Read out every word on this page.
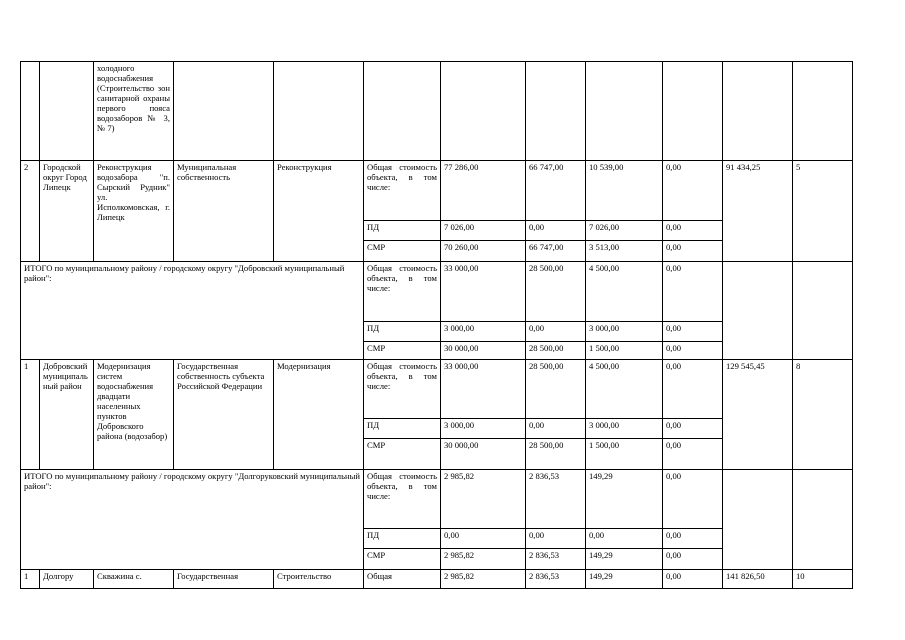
		холодного водоснабжения (Строительство зон санитарной охраны первого пояса водозаборов № 3, № 7)									
2	Городской округ Город Липецк	Реконструкция водозабора "п. Сырский Рудник" ул. Исполкомовская, г. Липецк	Муниципальная собственность	Реконструкция	Общая стоимость объекта, в том числе:	77 286,00	66 747,00	10 539,00	0,00	91 434,25	5
					ПД	7 026,00	0,00	7 026,00	0,00		
					СМР	70 260,00	66 747,00	3 513,00	0,00		
ИТОГО по муниципальному району / городскому округу "Добровский муниципальный район":					Общая стоимость объекта, в том числе:	33 000,00	28 500,00	4 500,00	0,00		
					ПД	3 000,00	0,00	3 000,00	0,00		
					СМР	30 000,00	28 500,00	1 500,00	0,00		
1	Добровский муниципальный район	Модернизация систем водоснабжения двадцати населенных пунктов Добровского района (водозабор)	Государственная собственность субъекта Российской Федерации	Модернизация	Общая стоимость объекта, в том числе:	33 000,00	28 500,00	4 500,00	0,00	129 545,45	8
					ПД	3 000,00	0,00	3 000,00	0,00		
					СМР	30 000,00	28 500,00	1 500,00	0,00		
ИТОГО по муниципальному району / городскому округу "Долгоруковский муниципальный район":					Общая стоимость объекта, в том числе:	2 985,82	2 836,53	149,29	0,00		
					ПД	0,00	0,00	0,00	0,00		
					СМР	2 985,82	2 836,53	149,29	0,00		
1	Долгору	Скважина с.	Государственная	Строительство	Общая	2 985,82	2 836,53	149,29	0,00	141 826,50	10
